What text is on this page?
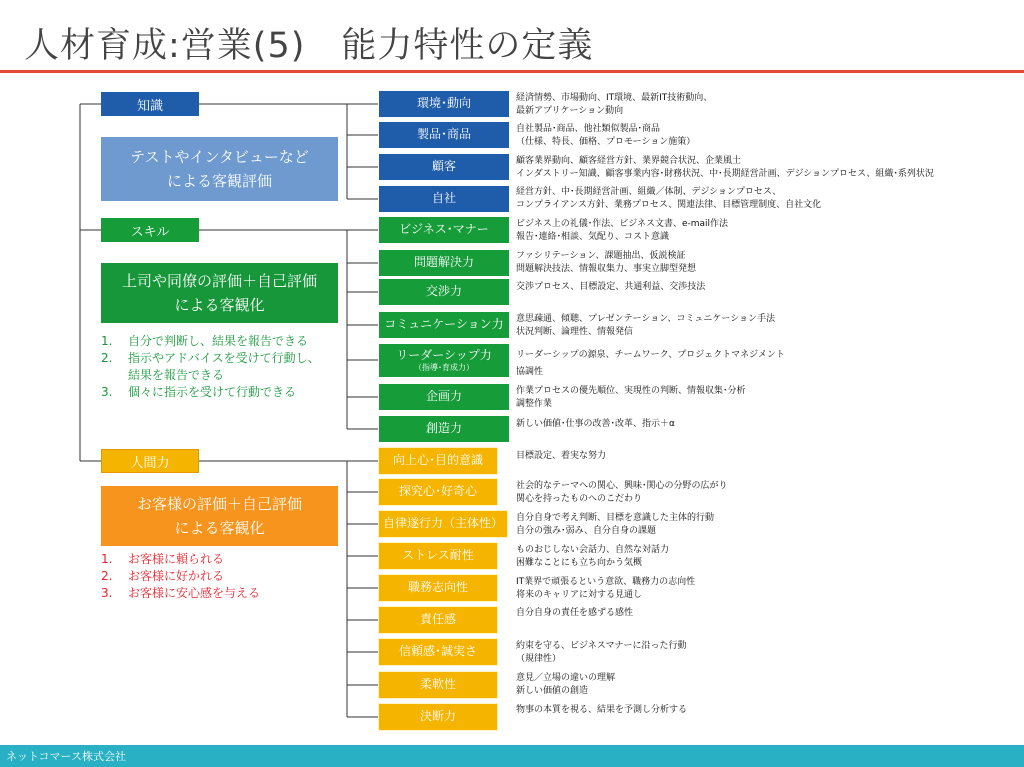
人材育成:営業(5)　能力特性の定義
知識
スキル
人間力
テストやインタビューなど
による客観評価
上司や同僚の評価＋自己評価
による客観化
お客様の評価＋自己評価
による客観化
1.	自分で判断し、結果を報告できる
2.	指示やアドバイスを受けて行動し、
結果を報告できる
3.	個々に指示を受けて行動できる
1.	お客様に頼られる
2.	お客様に好かれる
3.	お客様に安心感を与える
環境･動向
製品･商品
顧客
自社
経済情勢、市場動向、IT環境、最新IT技術動向、
最新アプリケーション動向
自社製品･商品、他社類似製品･商品
（仕様、特長、価格、プロモーション施策）
顧客業界動向、顧客経営方針、業界競合状況、企業風土
インダストリー知識、顧客事業内容･財務状況、中･長期経営計画、デジションプロセス、組織･系列状況
経営方針、中･長期経営計画、組織／体制、デジションプロセス、
コンプライアンス方針、業務プロセス、関連法律、目標管理制度、自社文化
ビジネス･マナー
問題解決力
交渉力
コミュニケーション力
リーダーシップ力
（指導･育成力）
企画力
創造力
ビジネス上の礼儀･作法、ビジネス文書、e-mail作法
報告･連絡･相談、気配り、コスト意識
ファシリテーション、課題抽出、仮説検証
問題解決技法、情報収集力、事実立脚型発想
交渉プロセス、目標設定、共通利益、交渉技法
意思疎通、傾聴、プレゼンテーション、コミュニケーション手法
状況判断、論理性、情報発信
リーダーシップの源泉、チームワーク、プロジェクトマネジメント
協調性
作業プロセスの優先順位、実現性の判断、情報収集･分析
調整作業
新しい価値･仕事の改善･改革、指示＋α
向上心･目的意識
探究心･好奇心
自律遂行力（主体性）
ストレス耐性
職務志向性
責任感
信頼感･誠実さ
柔軟性
決断力
目標設定、着実な努力
社会的なテーマへの関心、興味･関心の分野の広がり
関心を持ったものへのこだわり
自分自身で考え判断、目標を意識した主体的行動
自分の強み･弱み、自分自身の課題
ものおじしない会話力、自然な対話力
困難なことにも立ち向かう気概
IT業界で頑張るという意欲、職務力の志向性
将来のキャリアに対する見通し
自分自身の責任を感ずる感性
約束を守る、ビジネスマナーに沿った行動
（規律性）
意見／立場の違いの理解
新しい価値の創造
物事の本質を視る、結果を予測し分析する
ネットコマース株式会社
